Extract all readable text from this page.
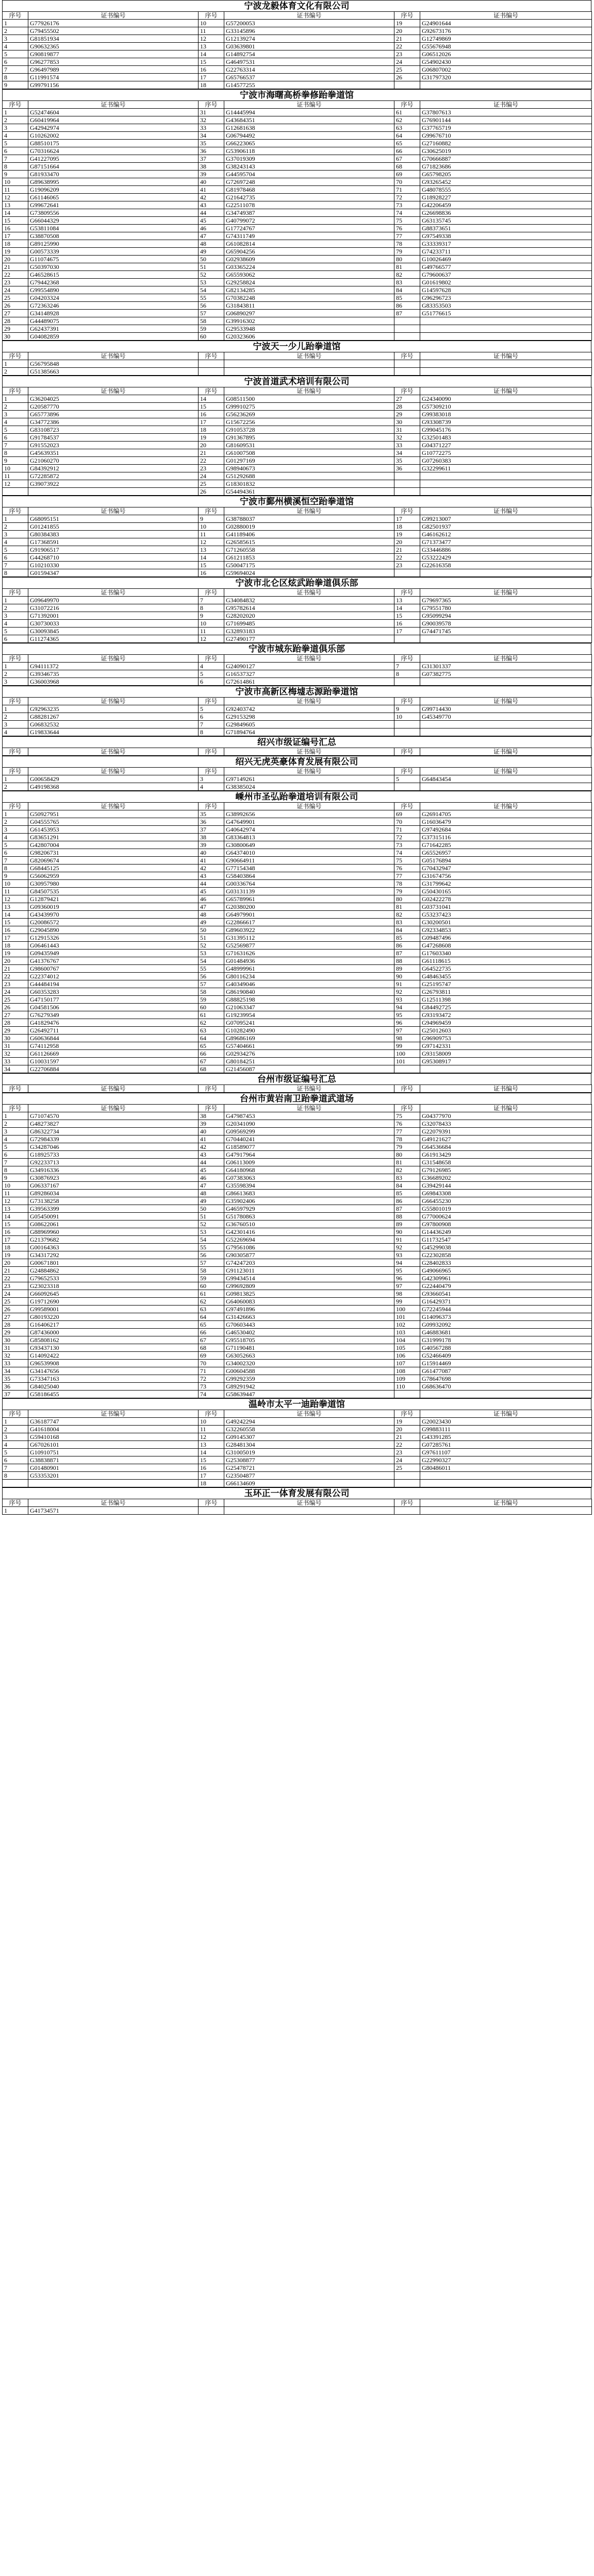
宁波龙毅体育文化有限公司
序号	证书编号	序号	证书编号	序号	证书编号
1	G77926176	10	G57200053	19	G24901644
2	G79455502	11	G33145896	20	G92673176
3	G81851934	12	G12139274	21	G12749869
4	G90632365	13	G03639801	22	G55676948
5	G90819877	14	G14892754	23	G06512026
6	G96277853	15	G46497531	24	G54902430
7	G96497989	16	G22763314	25	G06807002
8	G11991574	17	G65766537	26	G31797320
9	G99791156	18	G14577255		
宁波市海曙高桥拳修跆拳道馆
序号	证书编号	序号	证书编号	序号	证书编号
1	G52474604	31	G14445994	61	G37807613
2	G60419964	32	G43684351	62	G76901144
3	G42942974	33	G12681638	63	G37765719
4	G10262002	34	G06794492	64	G99676710
5	G88510175	35	G66223065	65	G27160882
6	G70316624	36	G53906118	66	G30625019
7	G41227095	37	G37019309	67	G70666887
8	G87151664	38	G38243143	68	G71823686
9	G81933470	39	G44595704	69	G65798205
10	G89638995	40	G72697248	70	G93265452
11	G19096209	41	G81978468	71	G48078555
12	G61146065	42	G21642735	72	G18928227
13	G99672641	43	G22511078	73	G42206459
14	G73809556	44	G34749387	74	G26698836
15	G66044329	45	G40799072	75	G63135745
16	G53811084	46	G17724767	76	G88373651
17	G38870508	47	G74311749	77	G97549338
18	G89125990	48	G61082814	78	G33339317
19	G00573339	49	G65904256	79	G74233711
20	G11074675	50	G02938609	80	G10026469
21	G50397030	51	G03365224	81	G49766577
22	G46528615	52	G65593062	82	G79600637
23	G79442368	53	G29258824	83	G01619802
24	G99554890	54	G82134285	84	G14597628
25	G04203324	55	G70382248	85	G96296723
26	G72363246	56	G31843811	86	G83353503
27	G34148928	57	G06890297	87	G51776615
28	G44489075	58	G39916302		
29	G62437391	59	G29533948		
30	G04082859	60	G20323606		
宁波天一少儿跆拳道馆
序号	证书编号	序号	证书编号	序号	证书编号
1	G56795848				
2	G51385663				
宁波首道武术培训有限公司
序号	证书编号	序号	证书编号	序号	证书编号
1	G36204025	14	G08511500	27	G24340090
2	G20587770	15	G99910275	28	G57309210
3	G65773896	16	G56236269	29	G99383018
4	G34772386	17	G15672256	30	G93308739
5	G83108723	18	G91053728	31	G99045176
6	G91784537	19	G91367895	32	G32501483
7	G91552023	20	G81609531	33	G04371227
8	G45639351	21	G61007508	34	G10772275
9	G21060270	22	G01297169	35	G07260383
10	G84392912	23	G98940673	36	G32299611
11	G72285872	24	G51292688		
12	G39073922	25	G18301832		
		26	G54494361		
宁波市鄞州横溪恒空跆拳道馆
序号	证书编号	序号	证书编号	序号	证书编号
1	G68095151	9	G38788037	17	G99213007
2	G01241855	10	G02880019	18	G82501937
3	G80384383	11	G41189406	19	G46162612
4	G17368591	12	G26585615	20	G71373477
5	G91906517	13	G71260558	21	G33446886
6	G44268710	14	G61211853	22	G53222429
7	G10210330	15	G50047175	23	G22616358
8	G01594347	16	G59694024		
宁波市北仑区炫武跆拳道俱乐部
序号	证书编号	序号	证书编号	序号	证书编号
1	G09649970	7	G34084832	13	G79697365
2	G31072216	8	G95782614	14	G79551780
3	G71392001	9	G28202020	15	G95099294
4	G30730033	10	G71699485	16	G90039578
5	G30093845	11	G32893183	17	G74471745
6	G11274365	12	G27490177		
宁波市城东跆拳道俱乐部
序号	证书编号	序号	证书编号	序号	证书编号
1	G94111372	4	G24090127	7	G31301337
2	G39346735	5	G16537327	8	G07382775
3	G36003968	6	G72614861		
宁波市高新区梅墟志源跆拳道馆
序号	证书编号	序号	证书编号	序号	证书编号
1	G92963235	5	G92403742	9	G99714430
2	G88281267	6	G29153298	10	G45349770
3	G06832532	7	G29849605		
4	G19833644	8	G71894764		
绍兴市级证编号汇总
序号	证书编号	序号	证书编号	序号	证书编号
绍兴无虎英豪体育发展有限公司
序号	证书编号	序号	证书编号	序号	证书编号
1	G00658429	3	G97149261	5	G64843454
2	G49198368	4	G38385024		
嵊州市圣弘跆拳道培训有限公司
序号	证书编号	序号	证书编号	序号	证书编号
1	G50927951	35	G38992656	69	G26914705
2	G04555765	36	G47649901	70	G16036479
3	G61453953	37	G40642974	71	G97492684
4	G83651291	38	G83364813	72	G37315116
5	G42807004	39	G30800649	73	G71642285
6	G98206731	40	G64374010	74	G65526957
7	G82069674	41	G90664911	75	G05176894
8	G68445125	42	G77154348	76	G70432947
9	G56062959	43	G58403864	77	G31674756
10	G30957980	44	G00336764	78	G31799642
11	G84507535	45	G03131139	79	G50430165
12	G12879421	46	G65789961	80	G02422278
13	G09360019	47	G20380200	81	G03731041
14	G43439970	48	G64979901	82	G53237423
15	G20086572	49	G22866617	83	G30200501
16	G29045890	50	G89603922	84	G92334853
17	G12915326	51	G31395112	85	G09487496
18	G06461443	52	G52569877	86	G47268608
19	G09435949	53	G71631626	87	G17603340
20	G41376767	54	G01484936	88	G61118615
21	G98600767	55	G48999961	89	G64522735
22	G22374012	56	G80116234	90	G48463455
23	G44484194	57	G40349046	91	G25195747
24	G60353283	58	G86190840	92	G26793811
25	G47150177	59	G88825198	93	G12511398
26	G04581506	60	G21063347	94	G84492725
27	G76279349	61	G19239954	95	G93193472
28	G41829476	62	G07095241	96	G94969459
29	G26492711	63	G10282490	97	G25012603
30	G60636844	64	G89686169	98	G96909753
31	G74112958	65	G57404661	99	G97142331
32	G61126669	66	G02934276	100	G93158009
33	G10031597	67	G80184251	101	G95308917
34	G22706884	68	G21456087		
台州市级证编号汇总
序号	证书编号	序号	证书编号	序号	证书编号
台州市黄岩南卫跆拳道武道场
序号	证书编号	序号	证书编号	序号	证书编号
1	G71074570	38	G47987453	75	G04377970
2	G48273827	39	G20341090	76	G32078433
3	G86322734	40	G09569299	77	G22079391
4	G72984339	41	G70440241	78	G49121627
5	G34287046	42	G18589077	79	G64536684
6	G18925733	43	G47917964	80	G61913429
7	G92233713	44	G06113009	81	G31548658
8	G34916336	45	G64180968	82	G79126985
9	G30876923	46	G07383063	83	G36689202
10	G06337167	47	G35598394	84	G39429144
11	G89286034	48	G86613683	85	G69843308
12	G73138258	49	G35902406	86	G66455230
13	G39563399	50	G46597929	87	G55801019
14	G05450091	51	G51780863	88	G77000624
15	G08622061	52	G36760510	89	G97800908
16	G88969960	53	G42301416	90	G14436249
17	G21379682	54	G52269694	91	G11732547
18	G00164363	55	G79561086	92	G45299038
19	G34317292	56	G90305877	93	G22302858
20	G00671801	57	G74247203	94	G28402833
21	G24884862	58	G91123011	95	G49066965
22	G79652533	59	G99434514	96	G42309961
23	G23023318	60	G99692809	97	G22440479
24	G66092645	61	G09813825	98	G93660541
25	G19712690	62	G64060083	99	G16429371
26	G99589001	63	G97491896	100	G72245944
27	G80193220	64	G31426663	101	G14096373
28	G16406217	65	G70603443	102	G09932092
29	G87436000	66	G46530402	103	G46883681
30	G85808162	67	G95518705	104	G31999178
31	G93437130	68	G71190481	105	G40567288
32	G14092422	69	G63052663	106	G52466409
33	G96539908	70	G34002320	107	G15914469
34	G34147656	71	G00604588	108	G61477087
35	G73347163	72	G99292359	109	G78647698
36	G84025040	73	G89291942	110	G68636470
37	G58186455	74	G58639447		
温岭市太平一迪跆拳道馆
序号	证书编号	序号	证书编号	序号	证书编号
1	G36187747	10	G49242294	19	G20023430
2	G41618004	11	G32260558	20	G99883111
3	G59410168	12	G09145307	21	G43391285
4	G67026101	13	G28481304	22	G07285761
5	G10910751	14	G31005019	23	G97611107
6	G38838871	15	G25308877	24	G22990327
7	G01480901	16	G25478721	25	G80486011
8	G53353201	17	G23504877		
		18	G66134609		
玉环正一体育发展有限公司
序号	证书编号	序号	证书编号	序号	证书编号
1	G41734571				
